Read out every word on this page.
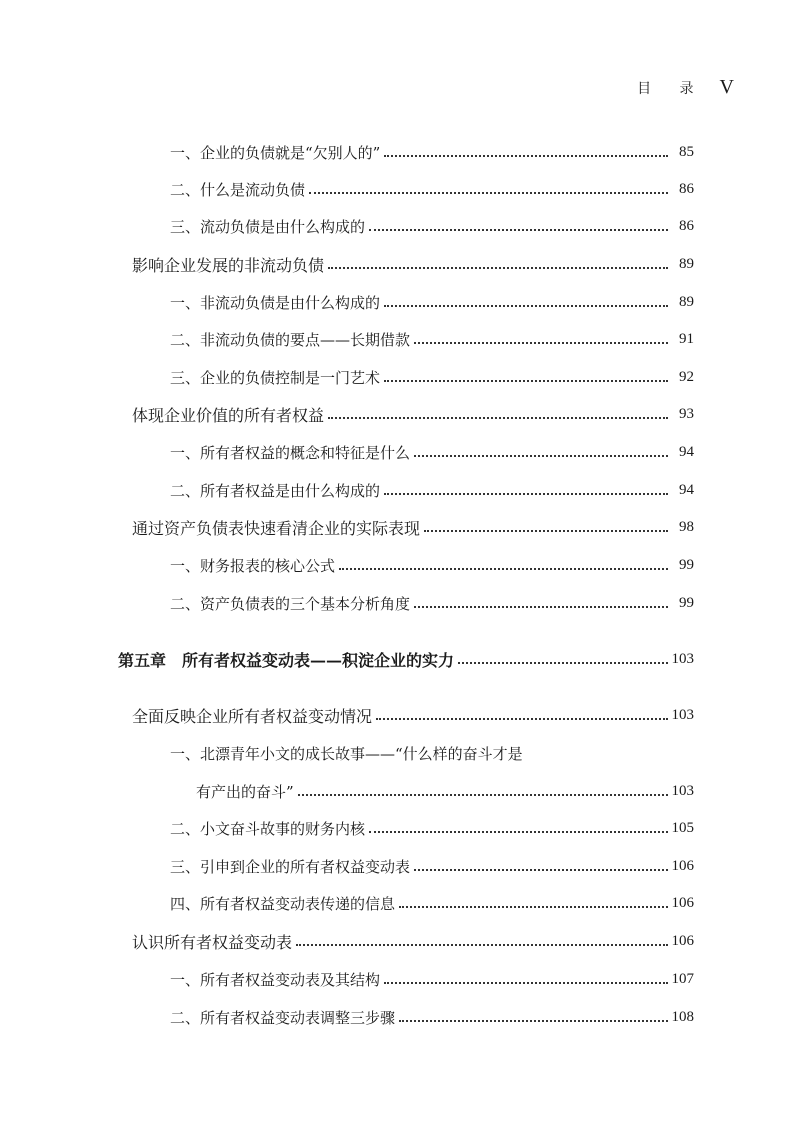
目 录 V
一、企业的负债就是“欠别人的”	85
二、什么是流动负债	86
三、流动负债是由什么构成的	86
影响企业发展的非流动负债	89
一、非流动负债是由什么构成的	89
二、非流动负债的要点——长期借款	91
三、企业的负债控制是一门艺术	92
体现企业价值的所有者权益	93
一、所有者权益的概念和特征是什么	94
二、所有者权益是由什么构成的	94
通过资产负债表快速看清企业的实际表现	98
一、财务报表的核心公式	99
二、资产负债表的三个基本分析角度	99
第五章　所有者权益变动表——积淀企业的实力	103
全面反映企业所有者权益变动情况	103
一、北漂青年小文的成长故事——“什么样的奋斗才是
有产出的奋斗”	103
二、小文奋斗故事的财务内核	105
三、引申到企业的所有者权益变动表	106
四、所有者权益变动表传递的信息	106
认识所有者权益变动表	106
一、所有者权益变动表及其结构	107
二、所有者权益变动表调整三步骤	108
